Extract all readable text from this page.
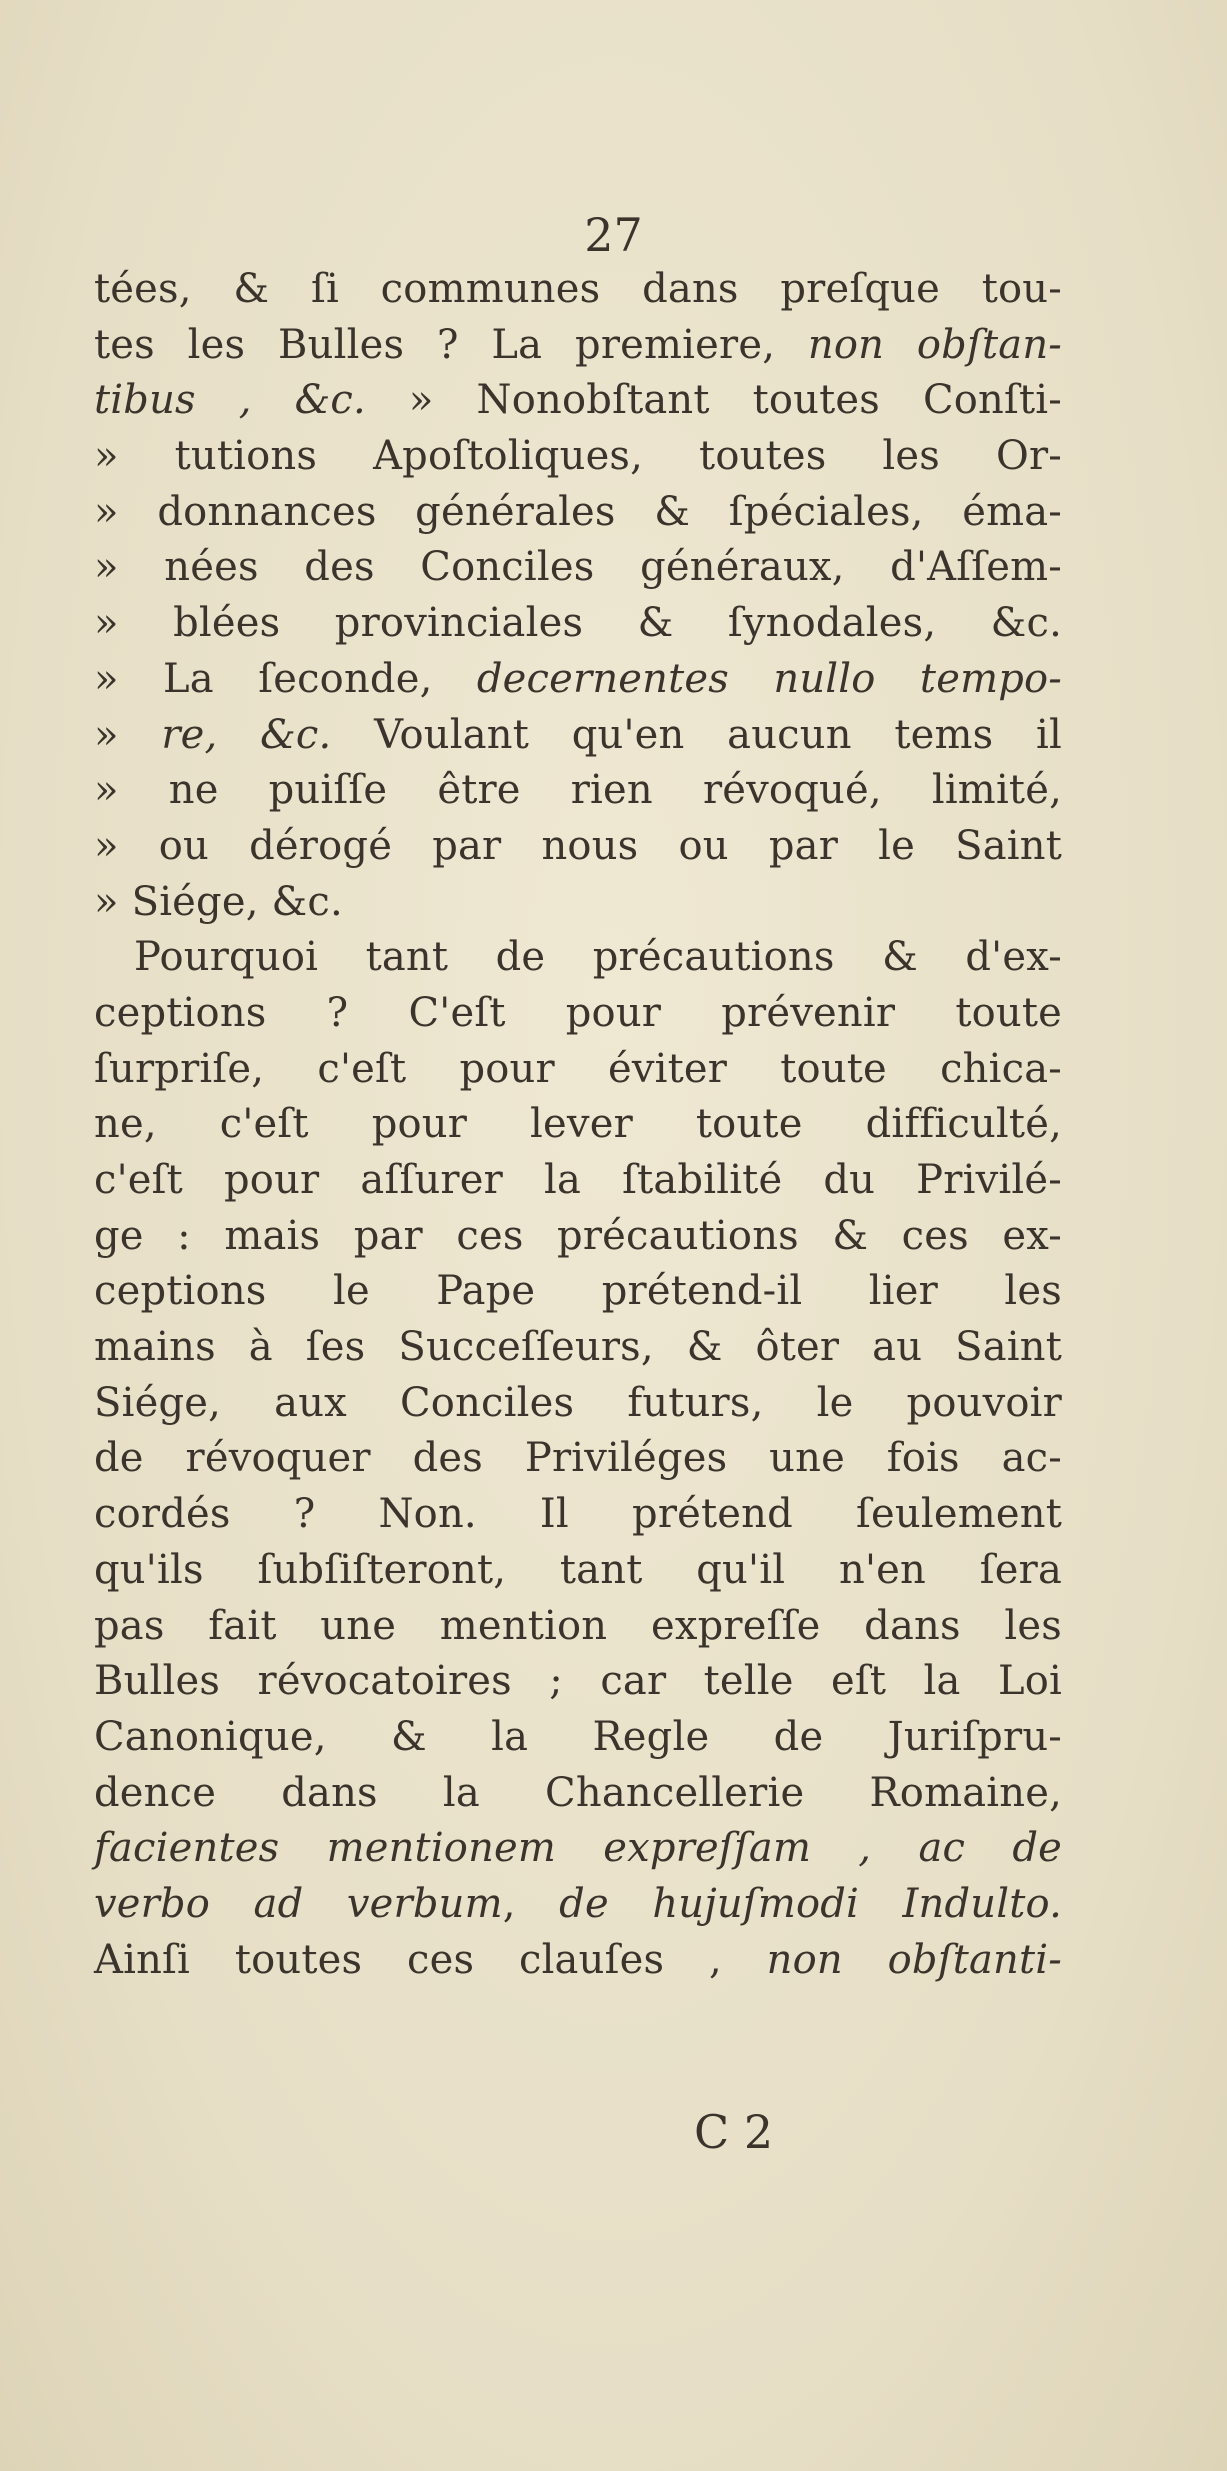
27
tées, & ſi communes dans preſque tou-
tes les Bulles ? La premiere, non obſtan-
tibus , &c. » Nonobſtant toutes Conſti-
» tutions Apoſtoliques, toutes les Or-
» donnances générales & ſpéciales, éma-
» nées des Conciles généraux, d'Aſſem-
» blées provinciales & ſynodales, &c.
» La ſeconde, decernentes nullo tempo-
» re, &c. Voulant qu'en aucun tems il
» ne puiſſe être rien révoqué, limité,
» ou dérogé par nous ou par le Saint
» Siége, &c.
Pourquoi tant de précautions & d'ex-
ceptions ? C'eſt pour prévenir toute
ſurpriſe, c'eſt pour éviter toute chica-
ne, c'eſt pour lever toute difficulté,
c'eſt pour aſſurer la ſtabilité du Privilé-
ge : mais par ces précautions & ces ex-
ceptions le Pape prétend-il lier les
mains à ſes Succeſſeurs, & ôter au Saint
Siége, aux Conciles futurs, le pouvoir
de révoquer des Priviléges une fois ac-
cordés ? Non. Il prétend ſeulement
qu'ils ſubſiſteront, tant qu'il n'en ſera
pas fait une mention expreſſe dans les
Bulles révocatoires ; car telle eſt la Loi
Canonique, & la Regle de Juriſpru-
dence dans la Chancellerie Romaine,
facientes mentionem expreſſam , ac de
verbo ad verbum, de hujuſmodi Indulto.
Ainſi toutes ces clauſes , non obſtanti-
C 2
